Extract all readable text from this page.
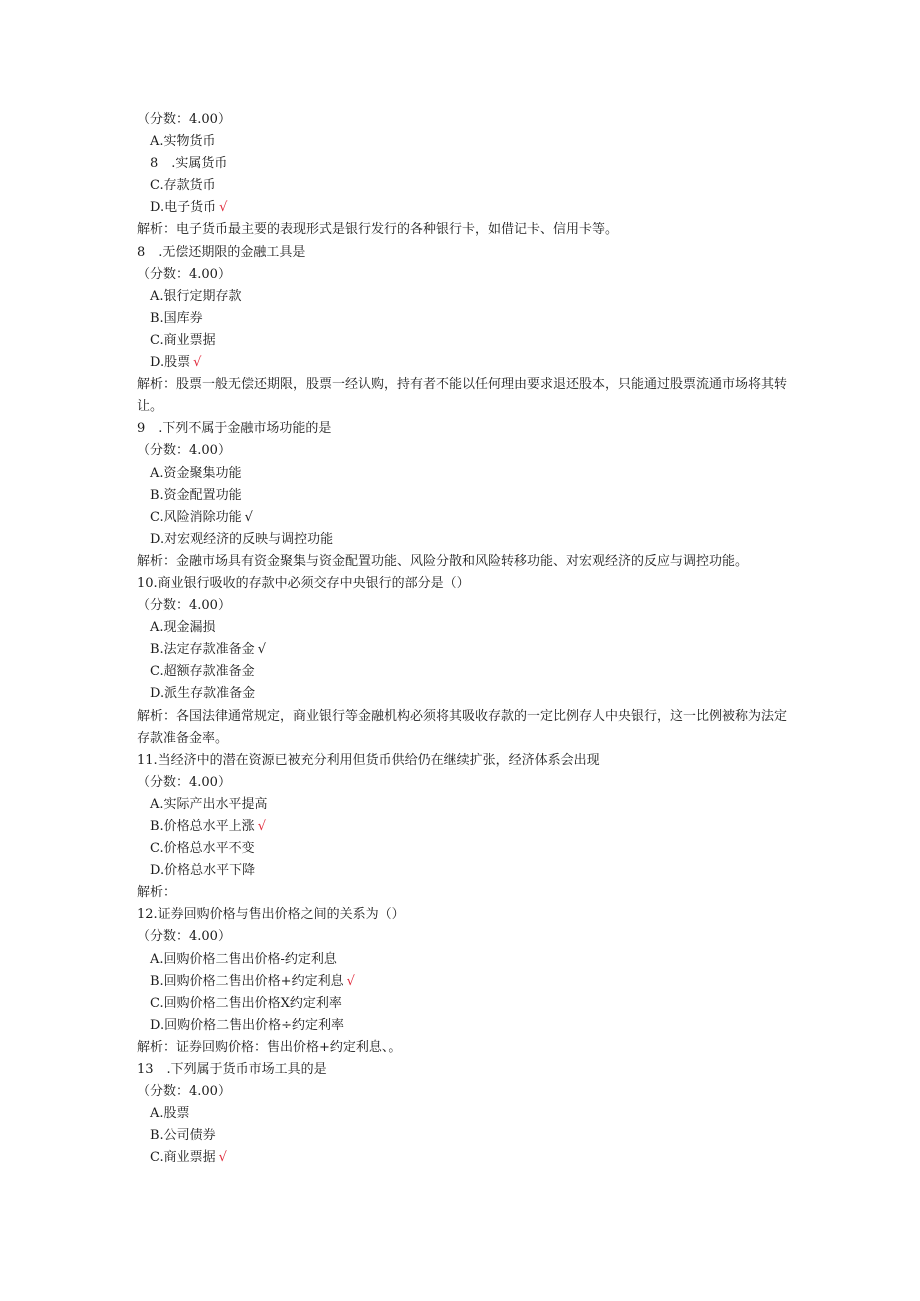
（分数：4.00）
A.实物货币
8　.实属货币
C.存款货币
D.电子货币 √
解析：电子货币最主要的表现形式是银行发行的各种银行卡，如借记卡、信用卡等。
8　.无偿还期限的金融工具是
（分数：4.00）
A.银行定期存款
B.国库券
C.商业票据
D.股票 √
解析：股票一般无偿还期限，股票一经认购，持有者不能以任何理由要求退还股本，只能通过股票流通市场将其转让。
9　.下列不属于金融市场功能的是
（分数：4.00）
A.资金聚集功能
B.资金配置功能
C.风险消除功能 √
D.对宏观经济的反映与调控功能
解析：金融市场具有资金聚集与资金配置功能、风险分散和风险转移功能、对宏观经济的反应与调控功能。
10.商业银行吸收的存款中必须交存中央银行的部分是（）
（分数：4.00）
A.现金漏损
B.法定存款准备金 √
C.超额存款准备金
D.派生存款准备金
解析：各国法律通常规定，商业银行等金融机构必须将其吸收存款的一定比例存人中央银行，这一比例被称为法定存款准备金率。
11.当经济中的潜在资源已被充分利用但货币供给仍在继续扩张，经济体系会出现
（分数：4.00）
A.实际产出水平提高
B.价格总水平上涨 √
C.价格总水平不变
D.价格总水平下降
解析：
12.证券回购价格与售出价格之间的关系为（）
（分数：4.00）
A.回购价格二售出价格-约定利息
B.回购价格二售出价格+约定利息 √
C.回购价格二售出价格X约定利率
D.回购价格二售出价格÷约定利率
解析：证券回购价格：售出价格+约定利息、。
13　.下列属于货币市场工具的是
（分数：4.00）
A.股票
B.公司债券
C.商业票据 √
